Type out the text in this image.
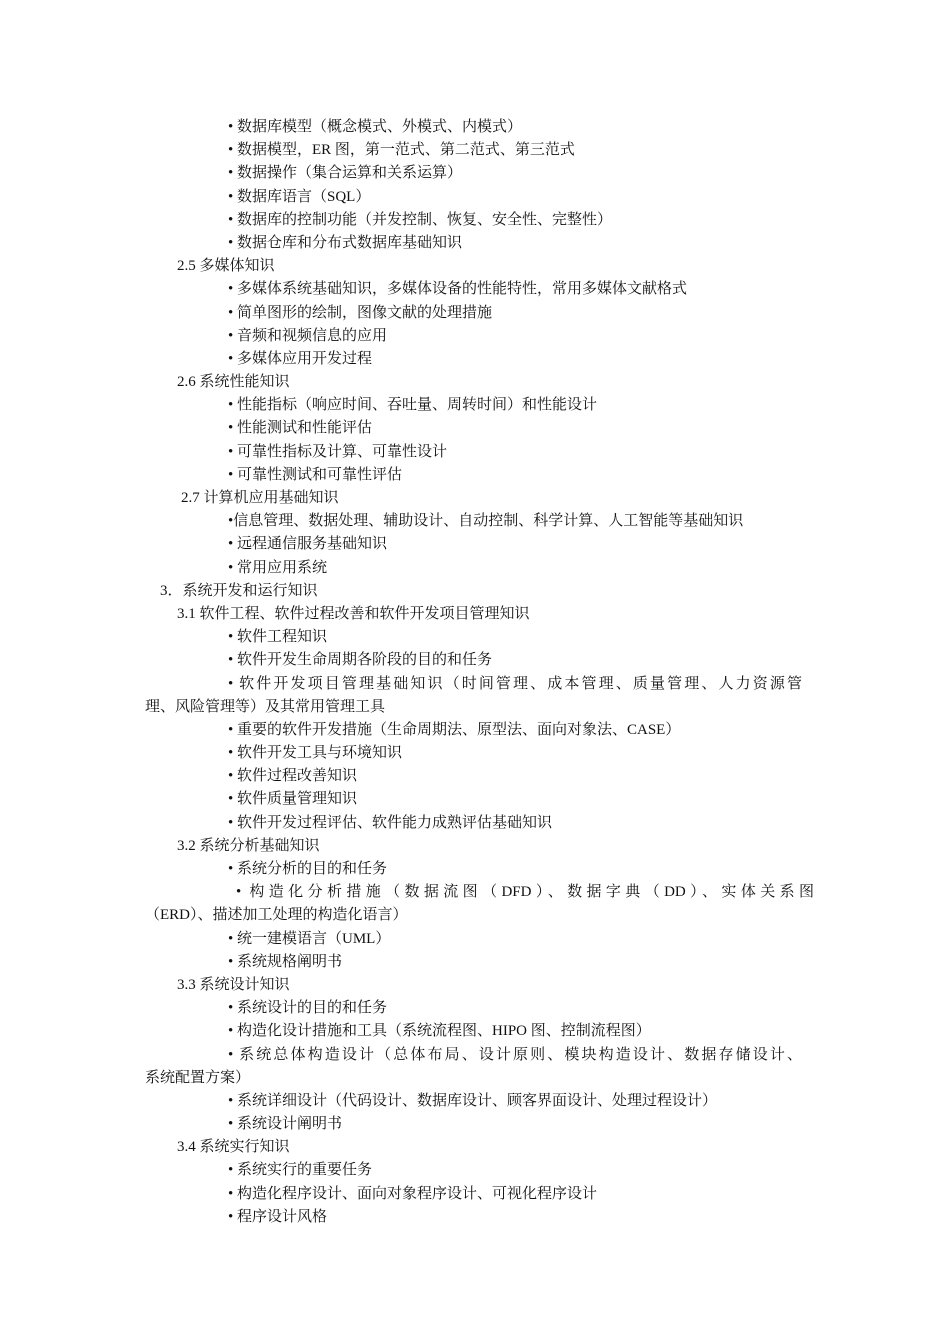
• 数据库模型（概念模式、外模式、内模式）
• 数据模型，ER 图，第一范式、第二范式、第三范式
• 数据操作（集合运算和关系运算）
• 数据库语言（SQL）
• 数据库的控制功能（并发控制、恢复、安全性、完整性）
• 数据仓库和分布式数据库基础知识
2.5 多媒体知识
• 多媒体系统基础知识，多媒体设备的性能特性，常用多媒体文献格式
• 简单图形的绘制，图像文献的处理措施
• 音频和视频信息的应用
• 多媒体应用开发过程
2.6 系统性能知识
• 性能指标（响应时间、吞吐量、周转时间）和性能设计
• 性能测试和性能评估
• 可靠性指标及计算、可靠性设计
• 可靠性测试和可靠性评估
2.7 计算机应用基础知识
•信息管理、数据处理、辅助设计、自动控制、科学计算、人工智能等基础知识
• 远程通信服务基础知识
• 常用应用系统
3．系统开发和运行知识
3.1 软件工程、软件过程改善和软件开发项目管理知识
• 软件工程知识
• 软件开发生命周期各阶段的目的和任务
• 软件开发项目管理基础知识（时间管理、成本管理、质量管理、人力资源管
理、风险管理等）及其常用管理工具
• 重要的软件开发措施（生命周期法、原型法、面向对象法、CASE）
• 软件开发工具与环境知识
• 软件过程改善知识
• 软件质量管理知识
• 软件开发过程评估、软件能力成熟评估基础知识
3.2 系统分析基础知识
• 系统分析的目的和任务
• 构造化分析措施（数据流图（DFD）、数据字典（DD）、实体关系图
（ERD）、描述加工处理的构造化语言）
• 统一建模语言（UML）
• 系统规格阐明书
3.3 系统设计知识
• 系统设计的目的和任务
• 构造化设计措施和工具（系统流程图、HIPO 图、控制流程图）
• 系统总体构造设计（总体布局、设计原则、模块构造设计、数据存储设计、
系统配置方案）
• 系统详细设计（代码设计、数据库设计、顾客界面设计、处理过程设计）
• 系统设计阐明书
3.4 系统实行知识
• 系统实行的重要任务
• 构造化程序设计、面向对象程序设计、可视化程序设计
• 程序设计风格
